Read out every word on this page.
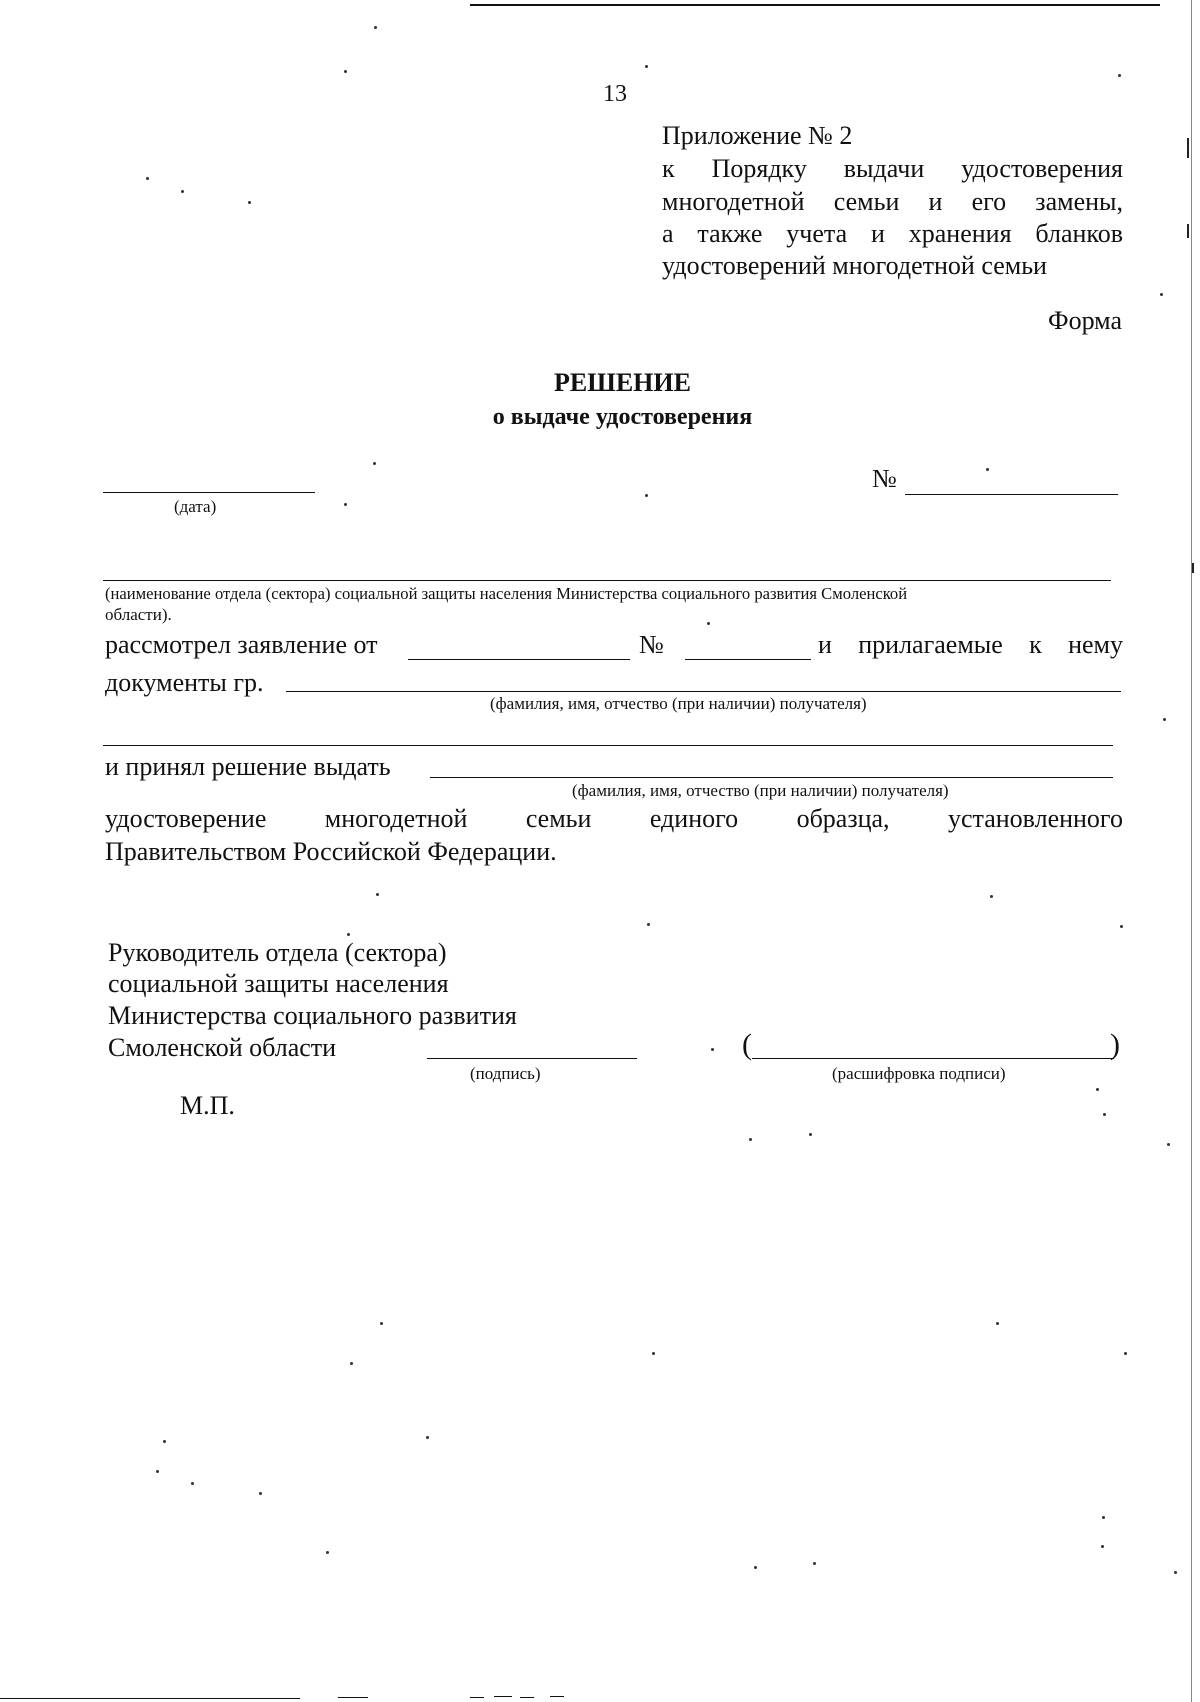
13
Приложение № 2
к Порядку выдачи удостоверения
многодетной семьи и его замены,
а также учета и хранения бланков
удостоверений многодетной семьи
Форма
РЕШЕНИЕ
о выдаче удостоверения
(дата)
№
(наименование отдела (сектора) социальной защиты населения Министерства социального развития Смоленской
области).
рассмотрел заявление от	№	и прилагаемые к нему
документы гр.
(фамилия, имя, отчество (при наличии) получателя)
и принял решение выдать
(фамилия, имя, отчество (при наличии) получателя)
удостоверение многодетной семьи единого образца, установленного
Правительством Российской Федерации.
Руководитель отдела (сектора)
социальной защиты населения
Министерства социального развития
Смоленской области
(подпись)
(	)
(расшифровка подписи)
М.П.
